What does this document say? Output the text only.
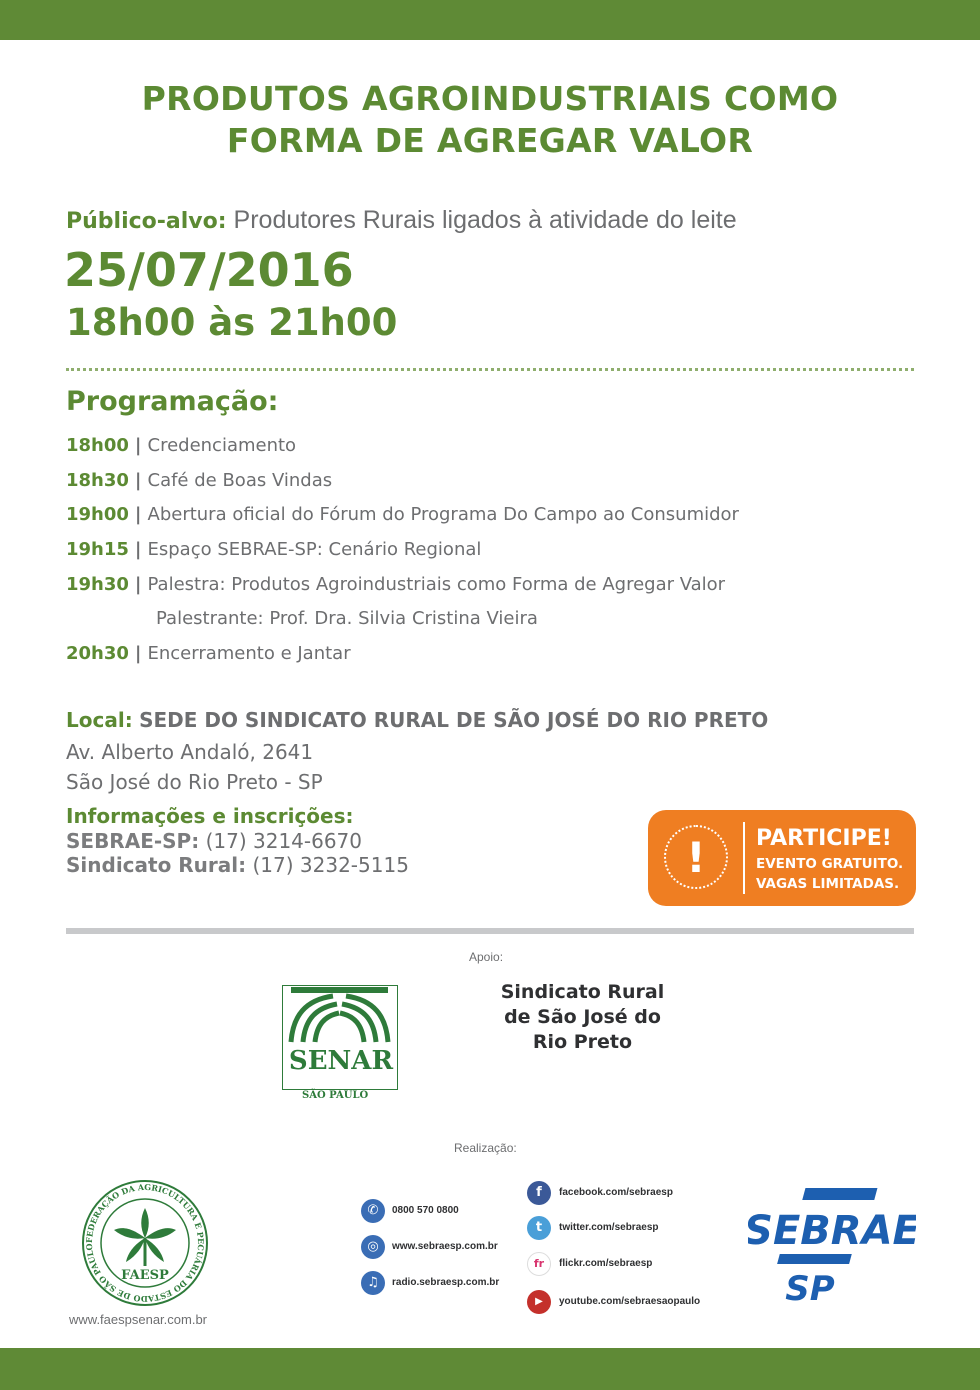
PRODUTOS AGROINDUSTRIAIS COMO
FORMA DE AGREGAR VALOR
Público-alvo: Produtores Rurais ligados à atividade do leite
25/07/2016
18h00 às 21h00
Programação:
18h00 | Credenciamento
18h30 | Café de Boas Vindas
19h00 | Abertura oficial do Fórum do Programa Do Campo ao Consumidor
19h15 | Espaço SEBRAE-SP: Cenário Regional
19h30 | Palestra: Produtos Agroindustriais como Forma de Agregar Valor
Palestrante: Prof. Dra. Silvia Cristina Vieira
20h30 | Encerramento e Jantar
Local: SEDE DO SINDICATO RURAL DE SÃO JOSÉ DO RIO PRETO
Av. Alberto Andaló, 2641
São José do Rio Preto - SP
Informações e inscrições:
SEBRAE-SP: (17) 3214-6670
Sindicato Rural: (17) 3232-5115	!	PARTICIPE!
EVENTO GRATUITO.
VAGAS LIMITADAS.
Apoio:
SENAR
SÃO PAULO
Sindicato Rural
de São José do
Rio Preto
Realização:
FAESP
FEDERAÇÃO DA AGRICULTURA E PECUÁRIA DO ESTADO DE SÃO PAULO
www.faespsenar.com.br
✆	0800 570 0800
◎	www.sebraesp.com.br
♫	radio.sebraesp.com.br
f	facebook.com/sebraesp
t	twitter.com/sebraesp
fr	flickr.com/sebraesp
▶	youtube.com/sebraesaopaulo
SEBRAE
SP
